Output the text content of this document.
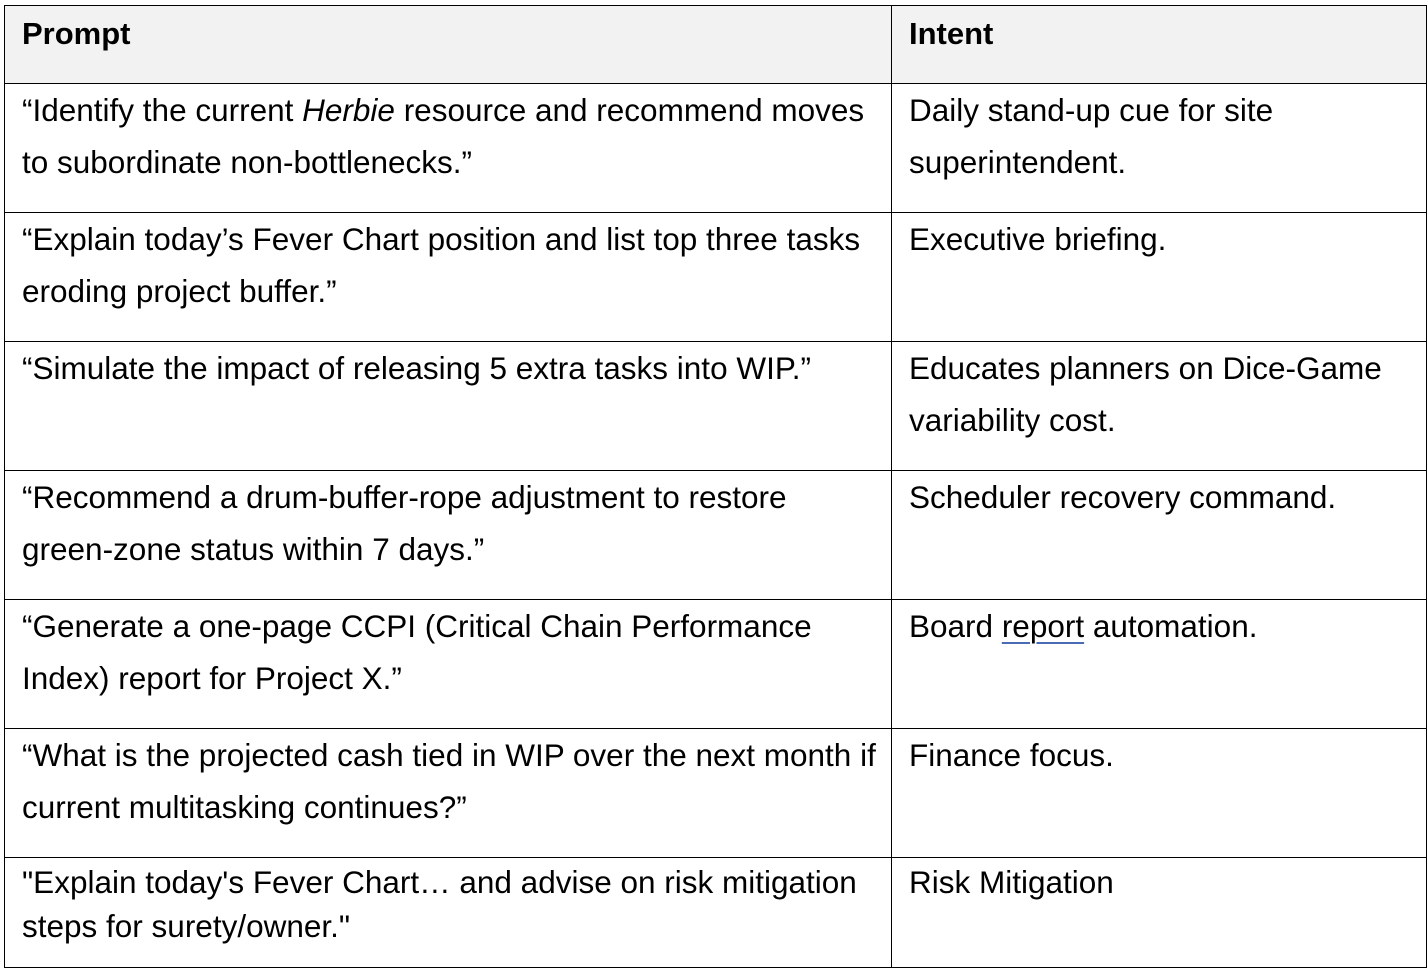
Prompt	Intent
“Identify the current Herbie resource and recommend moves to subordinate non-bottlenecks.”	Daily stand-up cue for site superintendent.

“Explain today’s Fever Chart position and list top three tasks eroding project buffer.”	Executive briefing.

“Simulate the impact of releasing 5 extra tasks into WIP.”	Educates planners on Dice-Game variability cost.

“Recommend a drum-buffer-rope adjustment to restore green-zone status within 7 days.”	Scheduler recovery command.

“Generate a one-page CCPI (Critical Chain Performance Index) report for Project X.”	Board report automation.

“What is the projected cash tied in WIP over the next month if current multitasking continues?”	Finance focus.

"Explain today's Fever Chart… and advise on risk mitigation steps for surety/owner."	Risk Mitigation
